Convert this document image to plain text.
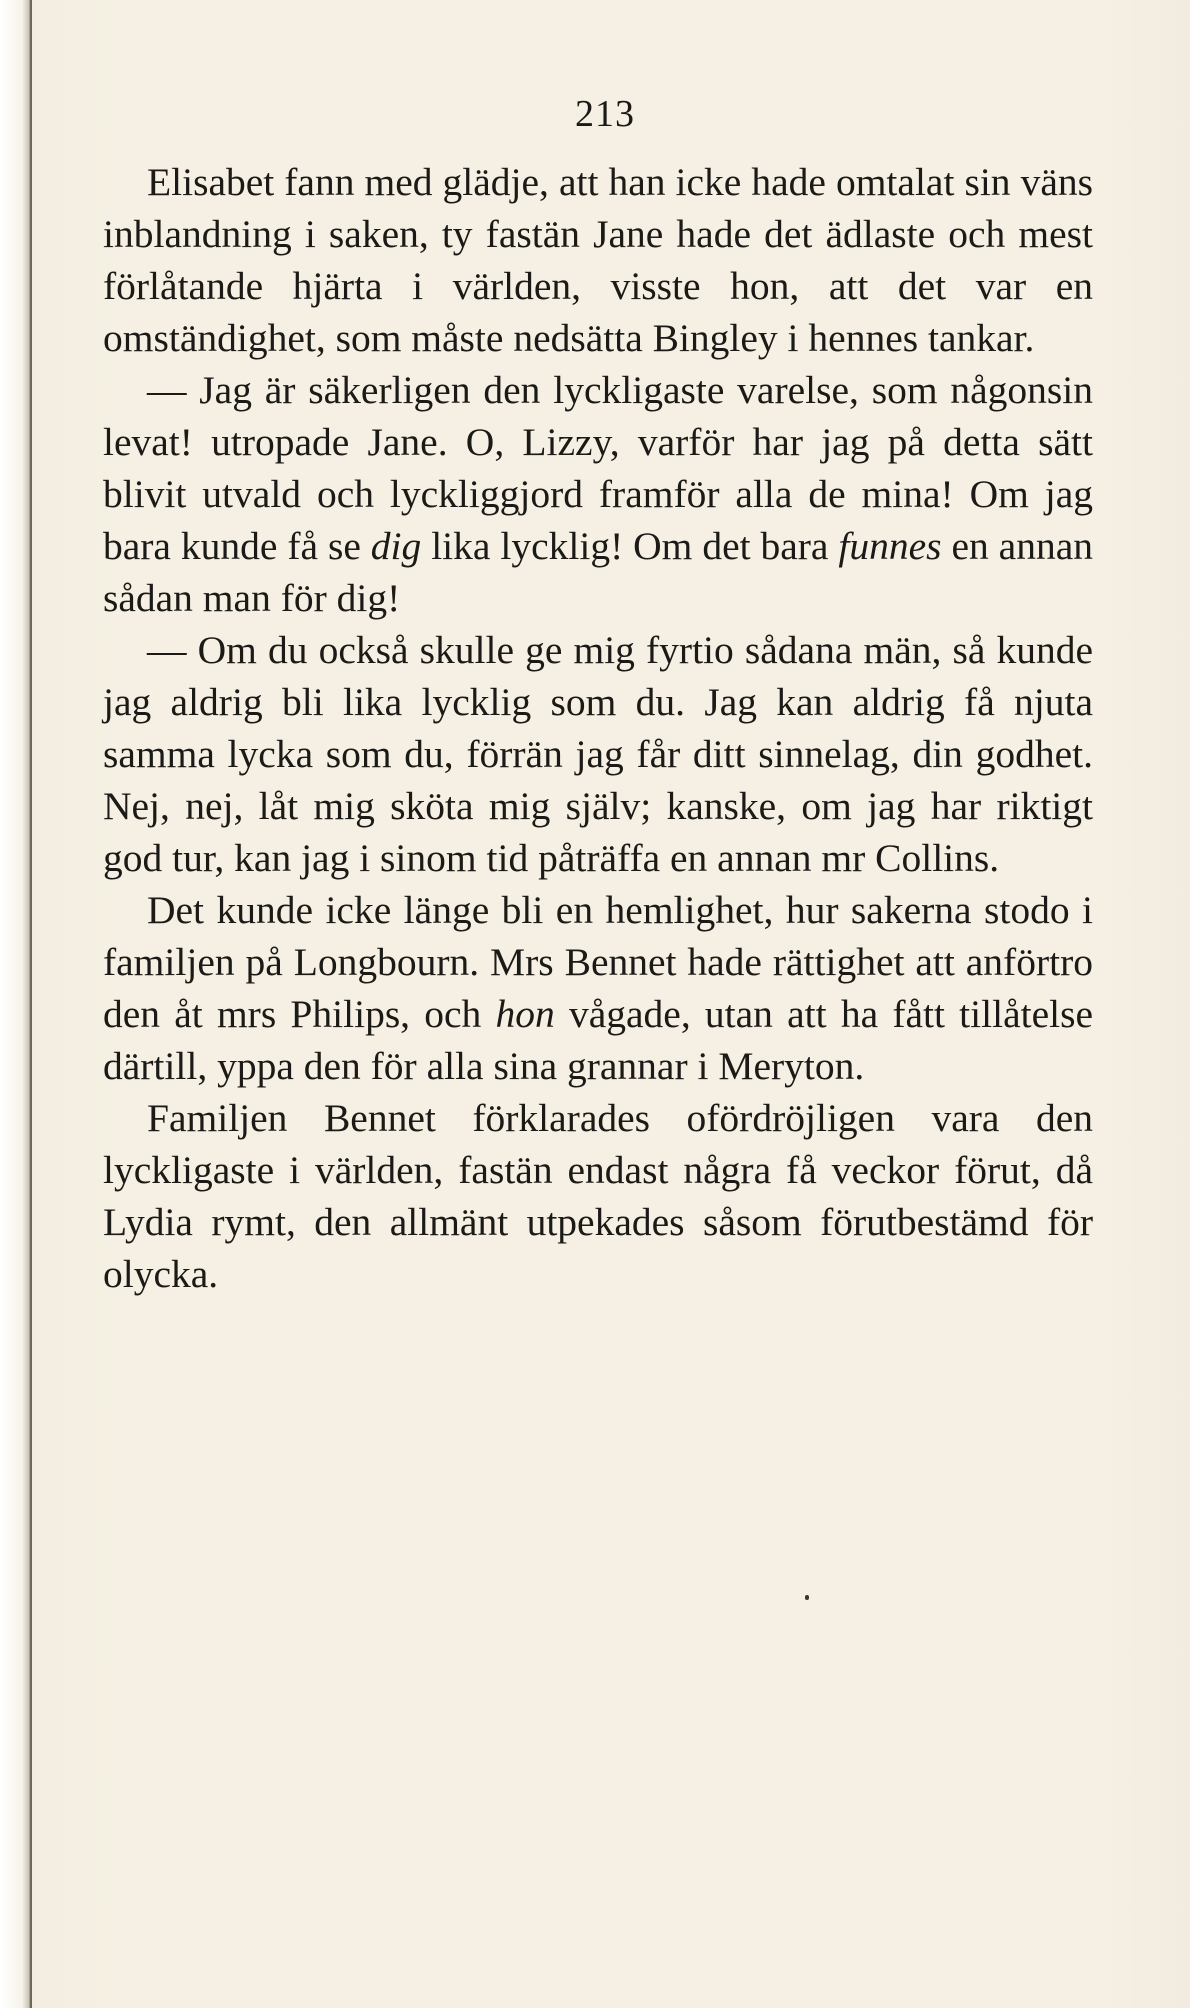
213

Elisabet fann med glädje, att han icke hade omtalat sin väns inblandning i saken, ty fastän Jane hade det ädlaste och mest förlåtande hjärta i världen, visste hon, att det var en omständighet, som måste nedsätta Bingley i hennes tankar.

— Jag är säkerligen den lyckligaste varelse, som någonsin levat! utropade Jane. O, Lizzy, varför har jag på detta sätt blivit utvald och lyckliggjord framför alla de mina! Om jag bara kunde få se dig lika lycklig! Om det bara funnes en annan sådan man för dig!

— Om du också skulle ge mig fyrtio sådana män, så kunde jag aldrig bli lika lycklig som du. Jag kan aldrig få njuta samma lycka som du, förrän jag får ditt sinnelag, din godhet. Nej, nej, låt mig sköta mig själv; kanske, om jag har riktigt god tur, kan jag i sinom tid påträffa en annan mr Collins.

Det kunde icke länge bli en hemlighet, hur sakerna stodo i familjen på Longbourn. Mrs Bennet hade rättighet att anförtro den åt mrs Philips, och hon vågade, utan att ha fått tillåtelse därtill, yppa den för alla sina grannar i Meryton.

Familjen Bennet förklarades ofördröjligen vara den lyckligaste i världen, fastän endast några få veckor förut, då Lydia rymt, den allmänt utpekades såsom förutbestämd för olycka.
